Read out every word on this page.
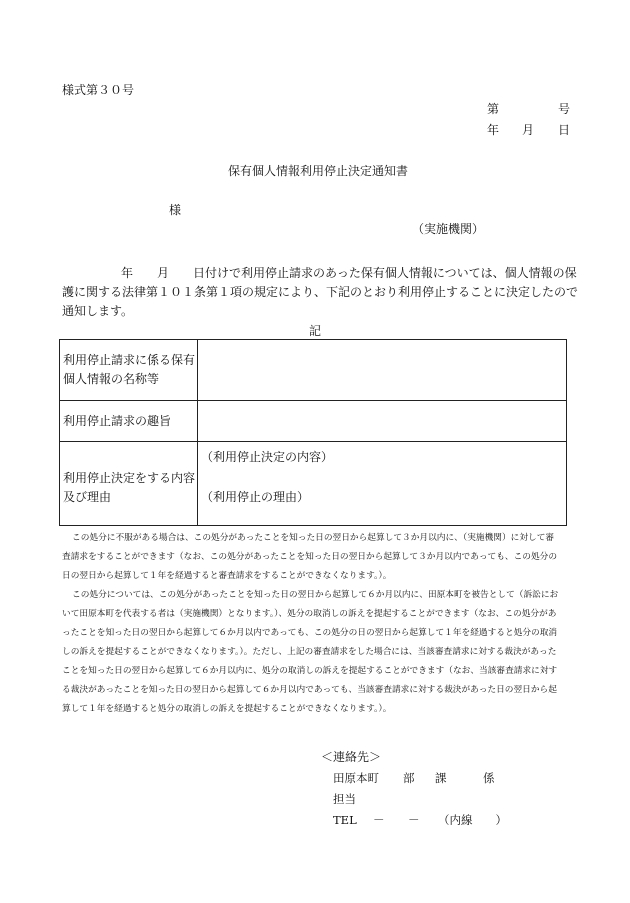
様式第３０号
第	号
年 月 日
保有個人情報利用停止決定通知書
様
（実施機関）
年　　月　　日付けで利用停止請求のあった保有個人情報については、個人情報の保
護に関する法律第１０１条第１項の規定により、下記のとおり利用停止することに決定したので
通知します。
記
利用停止請求に係る保有
個人情報の名称等
利用停止請求の趣旨
利用停止決定をする内容
及び理由
（利用停止決定の内容）
（利用停止の理由）
この処分に不服がある場合は、この処分があったことを知った日の翌日から起算して３か月以内に、（実施機関）に対して審
査請求をすることができます（なお、この処分があったことを知った日の翌日から起算して３か月以内であっても、この処分の
日の翌日から起算して１年を経過すると審査請求をすることができなくなります。）。
この処分については、この処分があったことを知った日の翌日から起算して６か月以内に、田原本町を被告として（訴訟にお
いて田原本町を代表する者は（実施機関）となります。）、処分の取消しの訴えを提起することができます（なお、この処分があ
ったことを知った日の翌日から起算して６か月以内であっても、この処分の日の翌日から起算して１年を経過すると処分の取消
しの訴えを提起することができなくなります。）。ただし、上記の審査請求をした場合には、当該審査請求に対する裁決があった
ことを知った日の翌日から起算して６か月以内に、処分の取消しの訴えを提起することができます（なお、当該審査請求に対す
る裁決があったことを知った日の翌日から起算して６か月以内であっても、当該審査請求に対する裁決があった日の翌日から起
算して１年を経過すると処分の取消しの訴えを提起することができなくなります。）。
＜連絡先＞
田原本町 部 課	係
担当
TEL － － （内線　　）
